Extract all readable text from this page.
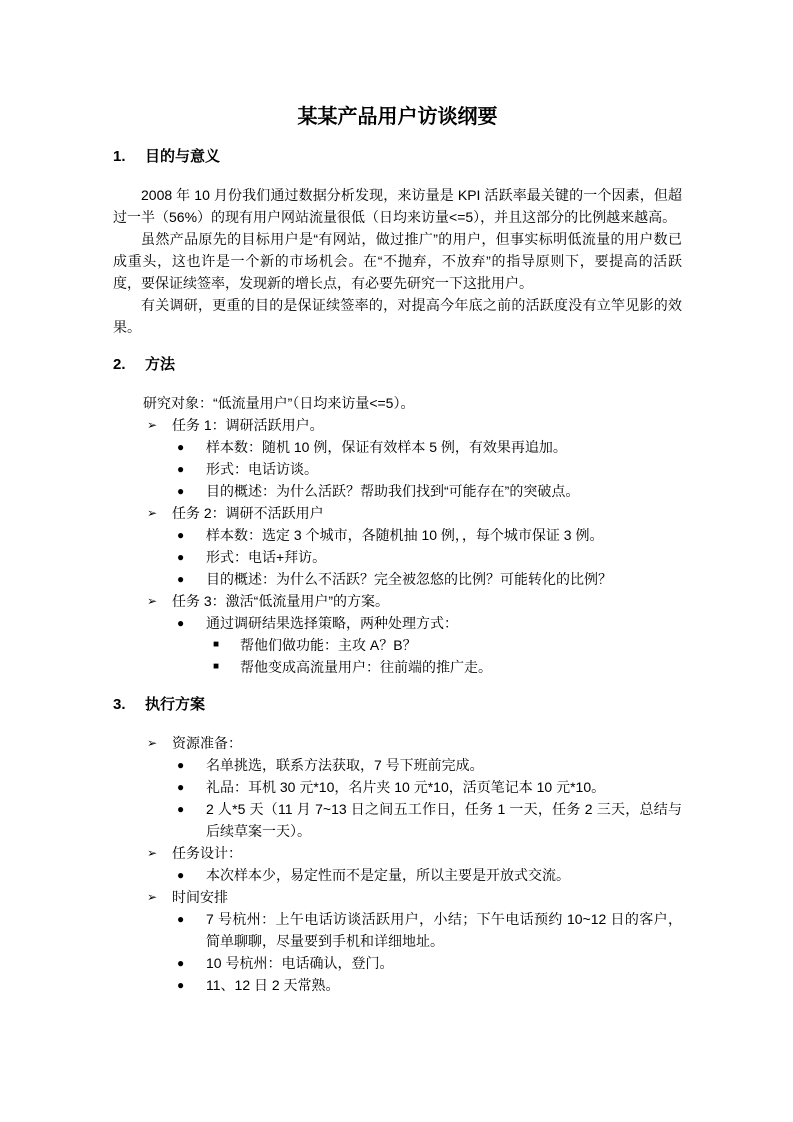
某某产品用户访谈纲要
1.	目的与意义

2008 年 10 月份我们通过数据分析发现，来访量是 KPI 活跃率最关键的一个因素，但超过一半（56%）的现有用户网站流量很低（日均来访量<=5），并且这部分的比例越来越高。

虽然产品原先的目标用户是“有网站，做过推广”的用户，但事实标明低流量的用户数已成重头，这也许是一个新的市场机会。在“不抛弃，不放弃”的指导原则下，要提高的活跃度，要保证续签率，发现新的增长点，有必要先研究一下这批用户。

有关调研，更重的目的是保证续签率的，对提高今年底之前的活跃度没有立竿见影的效果。

2.	方法
研究对象：“低流量用户”（日均来访量<=5）。
➢	任务 1：调研活跃用户。
●	样本数：随机 10 例，保证有效样本 5 例，有效果再追加。
●	形式：电话访谈。
●	目的概述：为什么活跃？帮助我们找到“可能存在”的突破点。
➢	任务 2：调研不活跃用户
●	样本数：选定 3 个城市，各随机抽 10 例，，每个城市保证 3 例。
●	形式：电话+拜访。
●	目的概述：为什么不活跃？完全被忽悠的比例？可能转化的比例？
➢	任务 3：激活“低流量用户”的方案。
●	通过调研结果选择策略，两种处理方式：
■	帮他们做功能：主攻 A？B？
■	帮他变成高流量用户：往前端的推广走。
3.	执行方案
➢	资源准备：
●	名单挑选，联系方法获取，7 号下班前完成。
●	礼品：耳机 30 元*10，名片夹 10 元*10，活页笔记本 10 元*10。
●	2 人*5 天（11 月 7~13 日之间五工作日，任务 1 一天，任务 2 三天，总结与后续草案一天）。
➢	任务设计：
●	本次样本少，易定性而不是定量，所以主要是开放式交流。
➢	时间安排
●	7 号杭州：上午电话访谈活跃用户，小结；下午电话预约 10~12 日的客户，简单聊聊，尽量要到手机和详细地址。
●	10 号杭州：电话确认，登门。
●	11、12 日 2 天常熟。
